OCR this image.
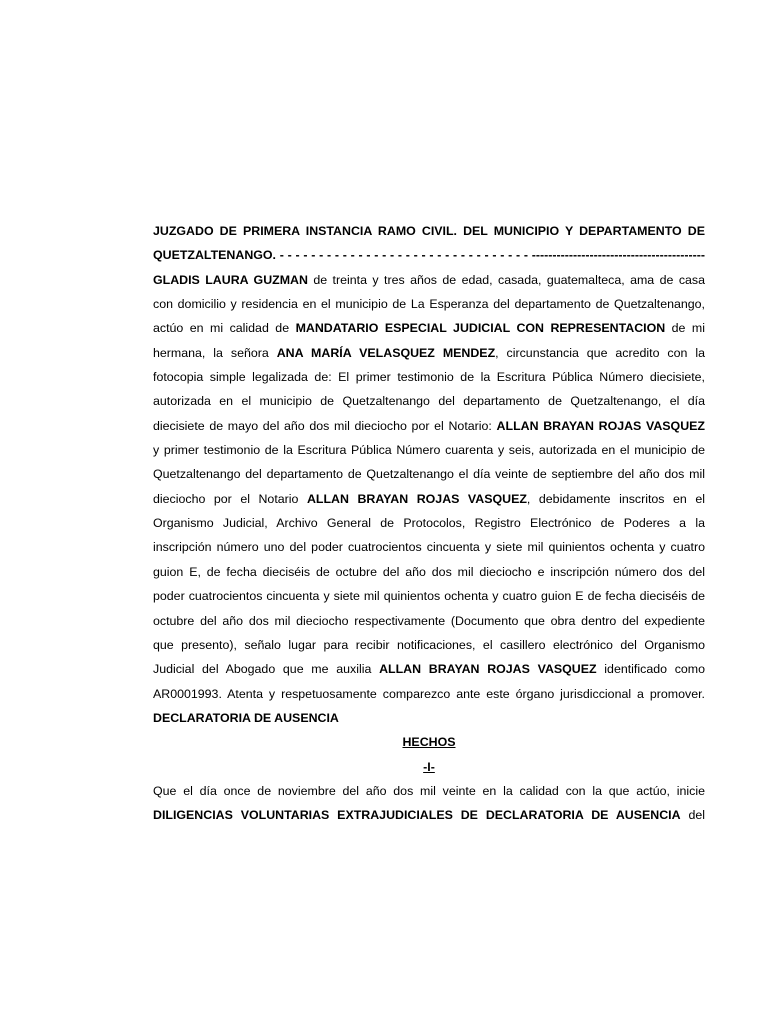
JUZGADO DE PRIMERA INSTANCIA RAMO CIVIL. DEL MUNICIPIO Y DEPARTAMENTO DE
QUETZALTENANGO. - - - - - - - - - - - - - - - - - - - - - - - - - - - - - - - - ------------------------------------------
GLADIS LAURA GUZMAN de treinta y tres años de edad, casada, guatemalteca, ama de casa
con domicilio y residencia en el municipio de La Esperanza del departamento de Quetzaltenango,
actúo en mi calidad de MANDATARIO ESPECIAL JUDICIAL CON REPRESENTACION de mi
hermana, la señora ANA MARÍA VELASQUEZ MENDEZ, circunstancia que acredito con la
fotocopia simple legalizada de: El primer testimonio de la Escritura Pública Número diecisiete,
autorizada en el municipio de Quetzaltenango del departamento de Quetzaltenango, el día
diecisiete de mayo del año dos mil dieciocho por el Notario: ALLAN BRAYAN ROJAS VASQUEZ
y primer testimonio de la Escritura Pública Número cuarenta y seis, autorizada en el municipio de
Quetzaltenango del departamento de Quetzaltenango el día veinte de septiembre del año dos mil
dieciocho por el Notario ALLAN BRAYAN ROJAS VASQUEZ, debidamente inscritos en el
Organismo Judicial, Archivo General de Protocolos, Registro Electrónico de Poderes a la
inscripción número uno del poder cuatrocientos cincuenta y siete mil quinientos ochenta y cuatro
guion E, de fecha dieciséis de octubre del año dos mil dieciocho e inscripción número dos del
poder cuatrocientos cincuenta y siete mil quinientos ochenta y cuatro guion E de fecha dieciséis de
octubre del año dos mil dieciocho respectivamente (Documento que obra dentro del expediente
que presento), señalo lugar para recibir notificaciones, el casillero electrónico del Organismo
Judicial del Abogado que me auxilia ALLAN BRAYAN ROJAS VASQUEZ identificado como
AR0001993. Atenta y respetuosamente comparezco ante este órgano jurisdiccional a promover.
DECLARATORIA DE AUSENCIA
HECHOS
-I-
Que el día once de noviembre del año dos mil veinte en la calidad con la que actúo, inicie
DILIGENCIAS VOLUNTARIAS EXTRAJUDICIALES DE DECLARATORIA DE AUSENCIA del
